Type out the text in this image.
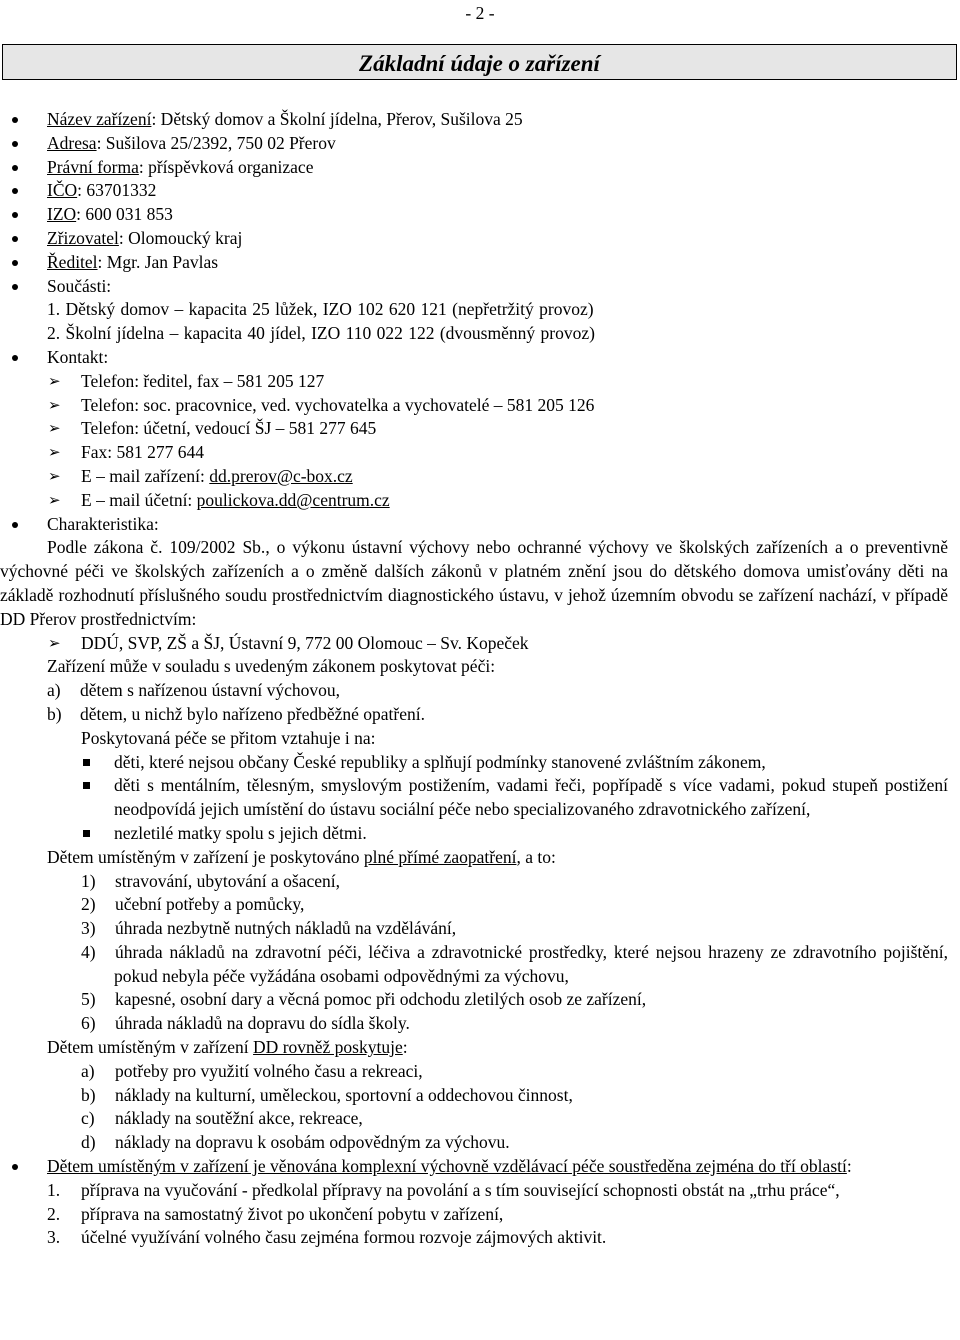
- 2 -
Základní údaje o zařízení
Název zařízení: Dětský domov a Školní jídelna, Přerov, Sušilova 25
Adresa: Sušilova 25/2392, 750 02 Přerov
Právní forma: příspěvková organizace
IČO: 63701332
IZO: 600 031 853
Zřizovatel: Olomoucký kraj
Ředitel: Mgr. Jan Pavlas
Součásti:
1. Dětský domov – kapacita 25 lůžek, IZO 102 620 121 (nepřetržitý provoz)
2. Školní jídelna – kapacita 40 jídel, IZO 110 022 122 (dvousměnný provoz)
Kontakt:
➢ Telefon: ředitel, fax – 581 205 127
➢ Telefon: soc. pracovnice, ved. vychovatelka a vychovatelé – 581 205 126
➢ Telefon: účetní, vedoucí ŠJ – 581 277 645
➢ Fax: 581 277 644
➢ E – mail zařízení: dd.prerov@c-box.cz
➢ E – mail účetní: poulickova.dd@centrum.cz
Charakteristika:
Podle zákona č. 109/2002 Sb., o výkonu ústavní výchovy nebo ochranné výchovy ve školských zařízeních a o preventivně výchovné péči ve školských zařízeních a o změně dalších zákonů v platném znění jsou do dětského domova umisťovány děti na základě rozhodnutí příslušného soudu prostřednictvím diagnostického ústavu, v jehož územním obvodu se zařízení nachází, v případě DD Přerov prostřednictvím:
➢ DDÚ, SVP, ZŠ a ŠJ, Ústavní 9, 772 00 Olomouc – Sv. Kopeček
Zařízení může v souladu s uvedeným zákonem poskytovat péči:
a) dětem s nařízenou ústavní výchovou,
b) dětem, u nichž bylo nařízeno předběžné opatření.
Poskytovaná péče se přitom vztahuje i na:
děti, které nejsou občany České republiky a splňují podmínky stanovené zvláštním zákonem,
děti s mentálním, tělesným, smyslovým postižením, vadami řeči, popřípadě s více vadami, pokud stupeň postižení neodpovídá jejich umístění do ústavu sociální péče nebo specializovaného zdravotnického zařízení,
nezletilé matky spolu s jejich dětmi.
Dětem umístěným v zařízení je poskytováno plné přímé zaopatření, a to:
1) stravování, ubytování a ošacení,
2) učební potřeby a pomůcky,
3) úhrada nezbytně nutných nákladů na vzdělávání,
4) úhrada nákladů na zdravotní péči, léčiva a zdravotnické prostředky, které nejsou hrazeny ze zdravotního pojištění, pokud nebyla péče vyžádána osobami odpovědnými za výchovu,
5) kapesné, osobní dary a věcná pomoc při odchodu zletilých osob ze zařízení,
6) úhrada nákladů na dopravu do sídla školy.
Dětem umístěným v zařízení DD rovněž poskytuje:
a) potřeby pro využití volného času a rekreaci,
b) náklady na kulturní, uměleckou, sportovní a oddechovou činnost,
c) náklady na soutěžní akce, rekreace,
d) náklady na dopravu k osobám odpovědným za výchovu.
Dětem umístěným v zařízení je věnována komplexní výchovně vzdělávací péče soustředěna zejména do tří oblastí:
1. příprava na vyučování - předkolal přípravy na povolání a s tím související schopnosti obstát na „trhu práce“,
2. příprava na samostatný život po ukončení pobytu v zařízení,
3. účelné využívání volného času zejména formou rozvoje zájmových aktivit.
